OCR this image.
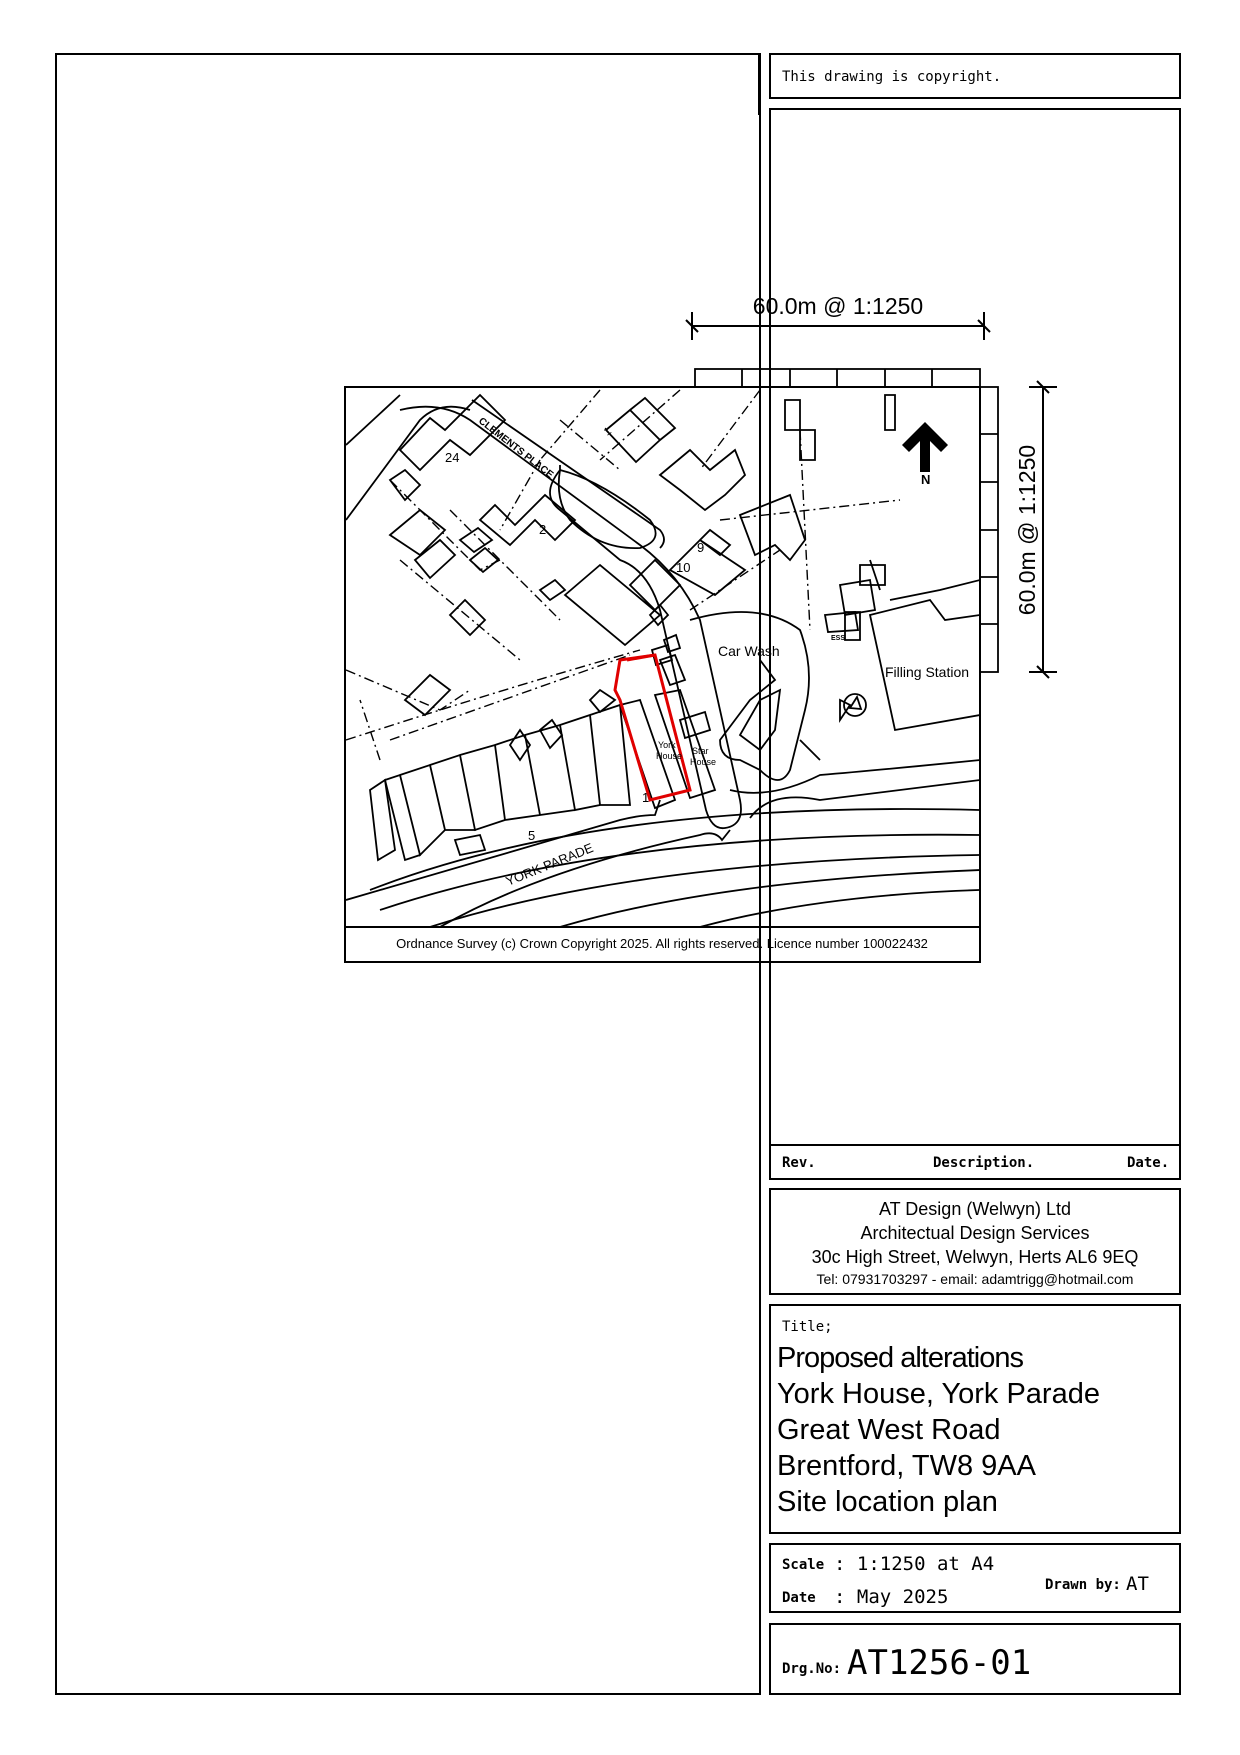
This drawing is copyright.
Rev.	Description.	Date.
AT Design (Welwyn) Ltd
Architectual Design Services
30c High Street, Welwyn, Herts AL6 9EQ
Tel: 07931703297 - email: adamtrigg@hotmail.com
Title;
Proposed alterations
York House, York Parade
Great West Road
Brentford, TW8 9AA
Site location plan
Scale : 1:1250 at A4
Date : May 2025
Drawn by: AT
Drg.No: AT1256-01
60.0m @ 1:1250
60.0m @ 1:1250
Ordnance Survey (c) Crown Copyright 2025. All rights reserved. Licence number 100022432
CLEMENTS PLACE
YORK PARADE
24
1
2
9
10
5
1
Car Wash
Filling Station
York
House Star
House
ESS
N
